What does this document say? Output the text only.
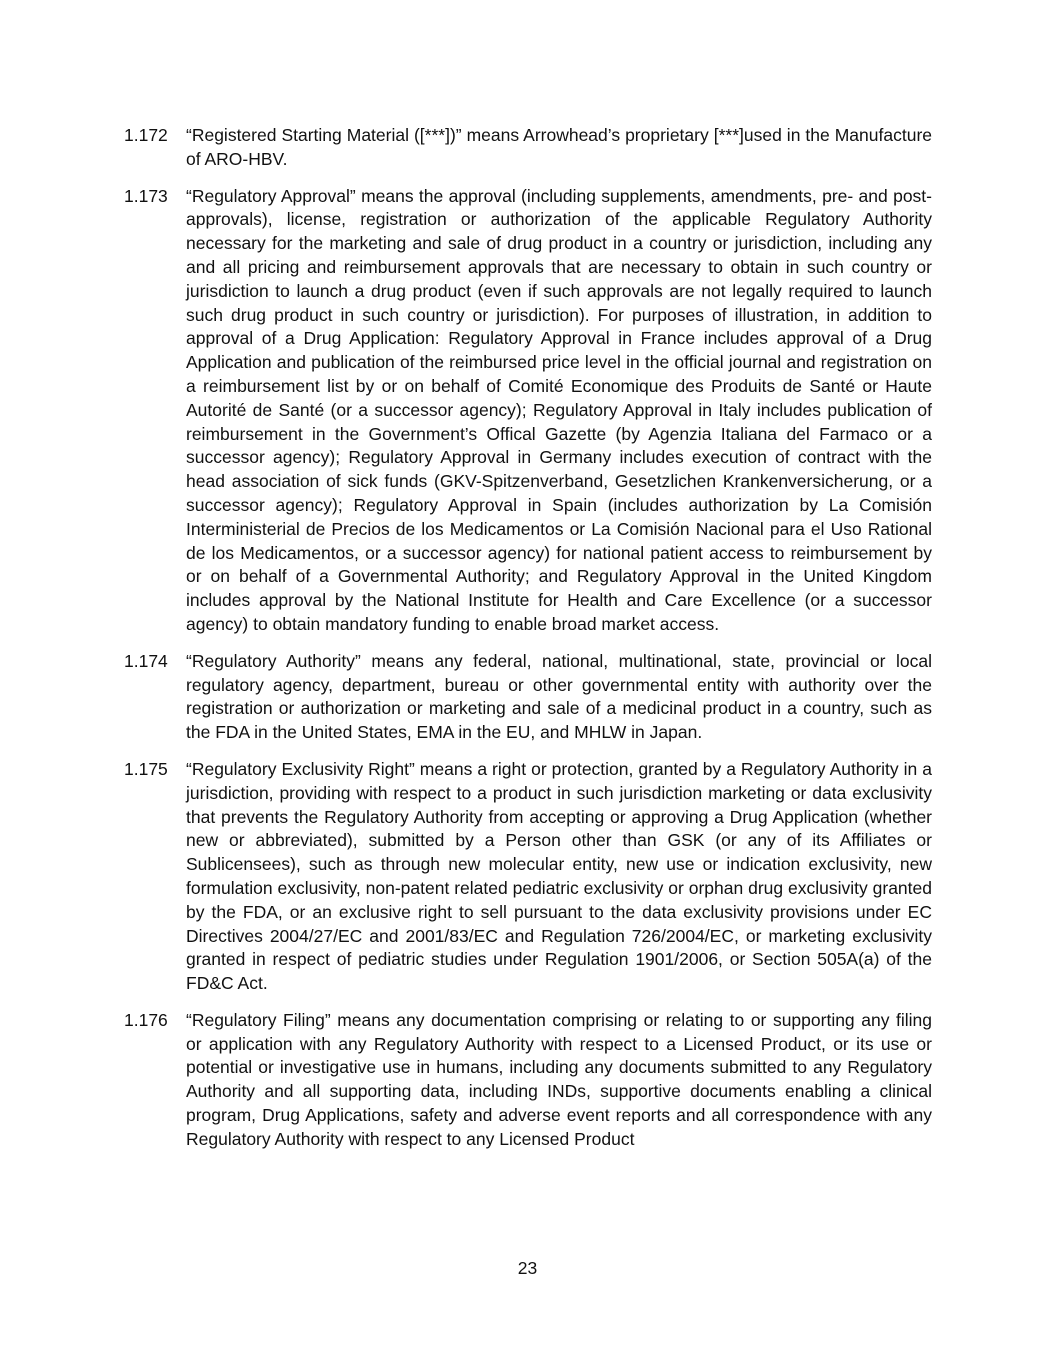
1.172	“Registered Starting Material ([***])” means Arrowhead’s proprietary [***]used in the Manufacture of ARO-HBV.
1.173	“Regulatory Approval” means the approval (including supplements, amendments, pre- and post-approvals), license, registration or authorization of the applicable Regulatory Authority necessary for the marketing and sale of drug product in a country or jurisdiction, including any and all pricing and reimbursement approvals that are necessary to obtain in such country or jurisdiction to launch a drug product (even if such approvals are not legally required to launch such drug product in such country or jurisdiction). For purposes of illustration, in addition to approval of a Drug Application: Regulatory Approval in France includes approval of a Drug Application and publication of the reimbursed price level in the official journal and registration on a reimbursement list by or on behalf of Comité Economique des Produits de Santé or Haute Autorité de Santé (or a successor agency); Regulatory Approval in Italy includes publication of reimbursement in the Government’s Offical Gazette (by Agenzia Italiana del Farmaco or a successor agency); Regulatory Approval in Germany includes execution of contract with the head association of sick funds (GKV-Spitzenverband, Gesetzlichen Krankenversicherung, or a successor agency); Regulatory Approval in Spain (includes authorization by La Comisión Interministerial de Precios de los Medicamentos or La Comisión Nacional para el Uso Rational de los Medicamentos, or a successor agency) for national patient access to reimbursement by or on behalf of a Governmental Authority; and Regulatory Approval in the United Kingdom includes approval by the National Institute for Health and Care Excellence (or a successor agency) to obtain mandatory funding to enable broad market access.
1.174	“Regulatory Authority” means any federal, national, multinational, state, provincial or local regulatory agency, department, bureau or other governmental entity with authority over the registration or authorization or marketing and sale of a medicinal product in a country, such as the FDA in the United States, EMA in the EU, and MHLW in Japan.
1.175	“Regulatory Exclusivity Right” means a right or protection, granted by a Regulatory Authority in a jurisdiction, providing with respect to a product in such jurisdiction marketing or data exclusivity that prevents the Regulatory Authority from accepting or approving a Drug Application (whether new or abbreviated), submitted by a Person other than GSK (or any of its Affiliates or Sublicensees), such as through new molecular entity, new use or indication exclusivity, new formulation exclusivity, non-patent related pediatric exclusivity or orphan drug exclusivity granted by the FDA, or an exclusive right to sell pursuant to the data exclusivity provisions under EC Directives 2004/27/EC and 2001/83/EC and Regulation 726/2004/EC, or marketing exclusivity granted in respect of pediatric studies under Regulation 1901/2006, or Section 505A(a) of the FD&C Act.
1.176	“Regulatory Filing” means any documentation comprising or relating to or supporting any filing or application with any Regulatory Authority with respect to a Licensed Product, or its use or potential or investigative use in humans, including any documents submitted to any Regulatory Authority and all supporting data, including INDs, supportive documents enabling a clinical program, Drug Applications, safety and adverse event reports and all correspondence with any Regulatory Authority with respect to any Licensed Product
23
